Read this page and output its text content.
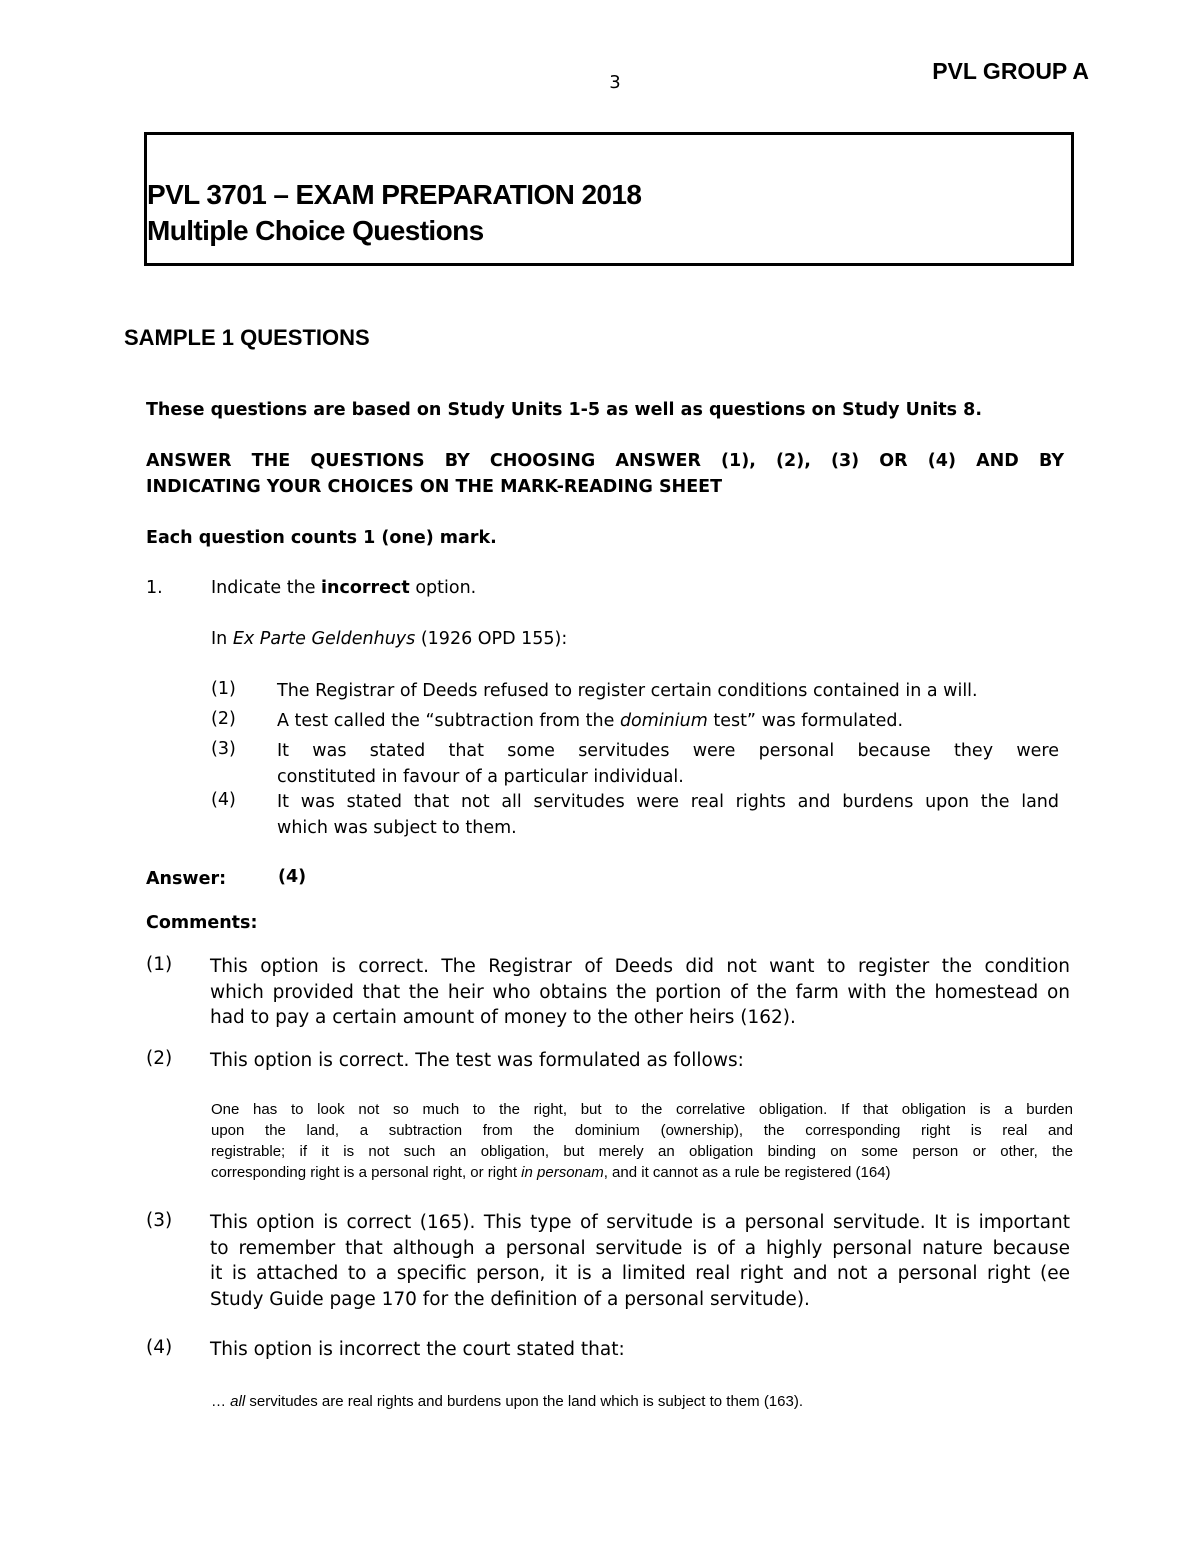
3	PVL GROUP A
PVL 3701 – EXAM PREPARATION 2018
Multiple Choice Questions
SAMPLE 1 QUESTIONS
These questions are based on Study Units 1-5 as well as questions on Study Units 8.
ANSWER THE QUESTIONS BY CHOOSING ANSWER (1), (2), (3) OR (4) AND BY
INDICATING YOUR CHOICES ON THE MARK-READING SHEET
Each question counts 1 (one) mark.
1.	Indicate the incorrect option.
In Ex Parte Geldenhuys (1926 OPD 155):
(1) The Registrar of Deeds refused to register certain conditions contained in a will.
(2) A test called the “subtraction from the dominium test” was formulated.
(3) It was stated that some servitudes were personal because they were
constituted in favour of a particular individual.
(4) It was stated that not all servitudes were real rights and burdens upon the land
which was subject to them.
Answer:	(4)
Comments:
(1) This option is correct. The Registrar of Deeds did not want to register the condition
which provided that the heir who obtains the portion of the farm with the homestead on
had to pay a certain amount of money to the other heirs (162).
(2) This option is correct. The test was formulated as follows:
One has to look not so much to the right, but to the correlative obligation. If that obligation is a burden
upon the land, a subtraction from the dominium (ownership), the corresponding right is real and
registrable; if it is not such an obligation, but merely an obligation binding on some person or other, the
corresponding right is a personal right, or right in personam, and it cannot as a rule be registered (164)
(3) This option is correct (165). This type of servitude is a personal servitude. It is important
to remember that although a personal servitude is of a highly personal nature because
it is attached to a specific person, it is a limited real right and not a personal right (ee
Study Guide page 170 for the definition of a personal servitude).
(4) This option is incorrect the court stated that:
… all servitudes are real rights and burdens upon the land which is subject to them (163).
